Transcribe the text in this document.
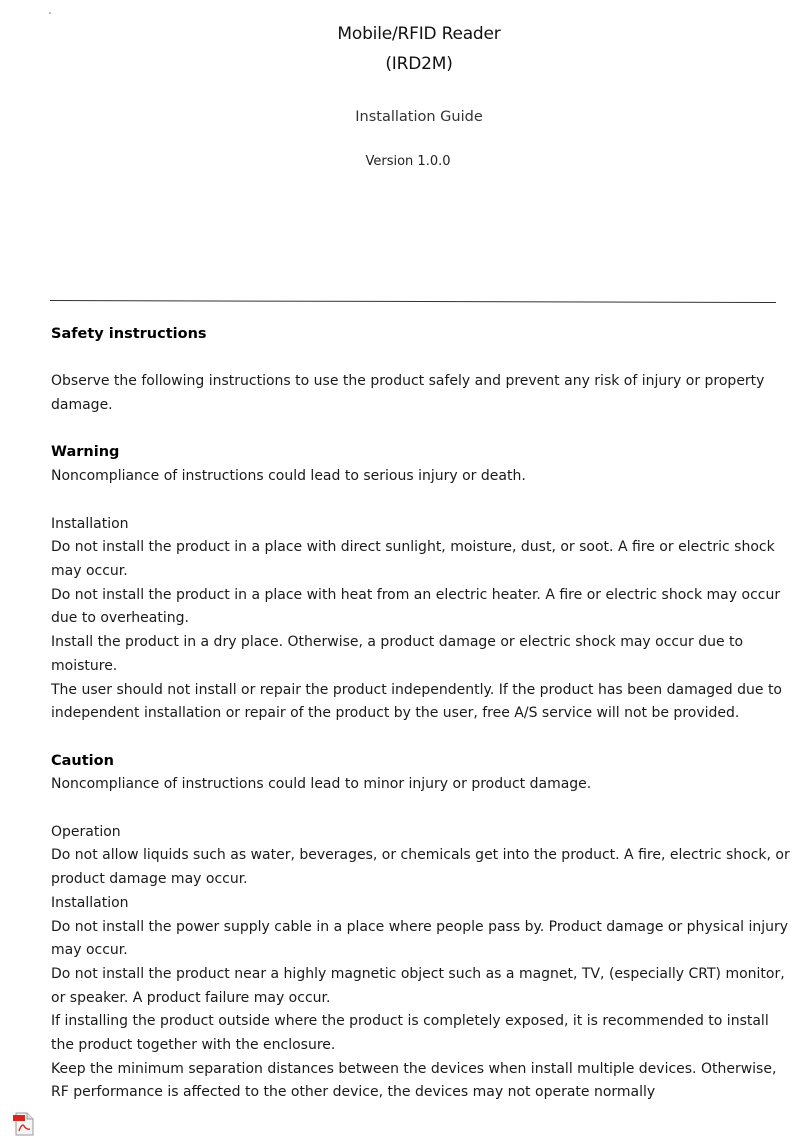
Mobile/RFID Reader
(IRD2M)
Installation Guide
Version 1.0.0

Safety instructions

Observe the following instructions to use the product safely and prevent any risk of injury or property damage.

Warning

Noncompliance of instructions could lead to serious injury or death.

Installation

Do not install the product in a place with direct sunlight, moisture, dust, or soot. A fire or electric shock may occur.

Do not install the product in a place with heat from an electric heater. A fire or electric shock may occur due to overheating.

Install the product in a dry place. Otherwise, a product damage or electric shock may occur due to moisture.

The user should not install or repair the product independently. If the product has been damaged due to independent installation or repair of the product by the user, free A/S service will not be provided.

Caution

Noncompliance of instructions could lead to minor injury or product damage.

Operation

Do not allow liquids such as water, beverages, or chemicals get into the product. A fire, electric shock, or product damage may occur.

Installation

Do not install the power supply cable in a place where people pass by. Product damage or physical injury may occur.

Do not install the product near a highly magnetic object such as a magnet, TV, (especially CRT) monitor, or speaker. A product failure may occur.

If installing the product outside where the product is completely exposed, it is recommended to install the product together with the enclosure.

Keep the minimum separation distances between the devices when install multiple devices. Otherwise, RF performance is affected to the other device, the devices may not operate normally
